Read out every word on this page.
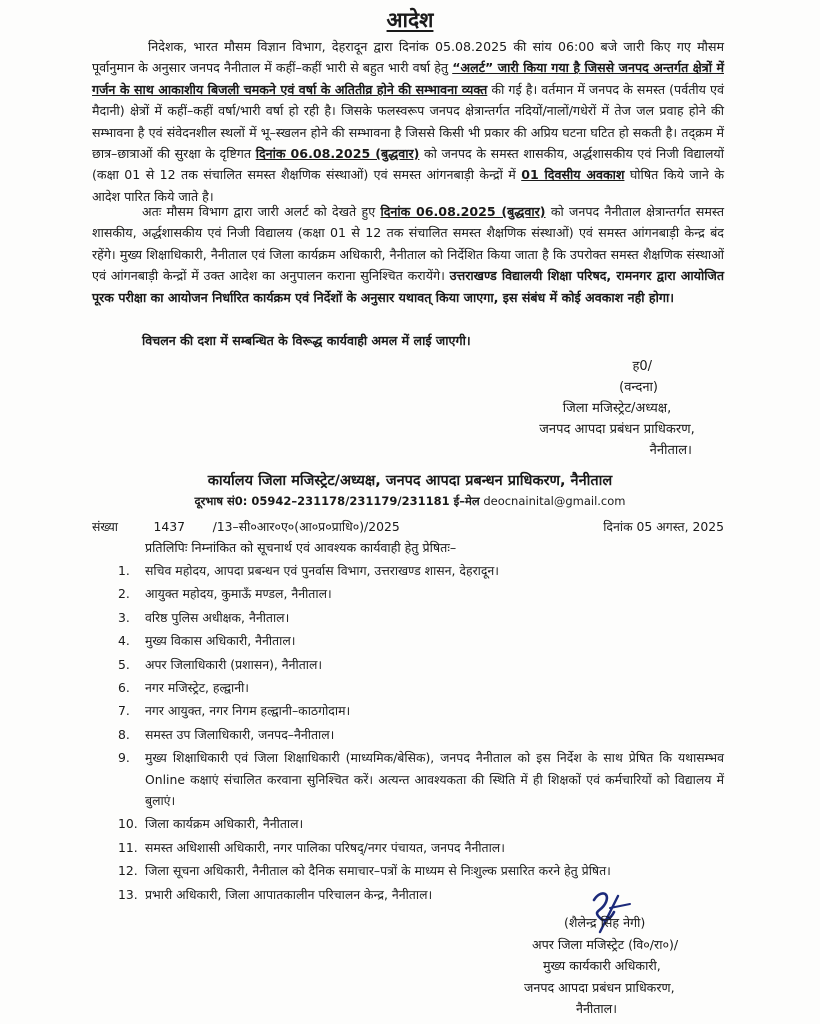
आदेश
निदेशक, भारत मौसम विज्ञान विभाग, देहरादून द्वारा दिनांक 05.08.2025 की सांय 06:00 बजे जारी किए गए मौसम पूर्वानुमान के अनुसार जनपद नैनीताल में कहीं–कहीं भारी से बहुत भारी वर्षा हेतु “अलर्ट” जारी किया गया है जिससे जनपद अन्तर्गत क्षेत्रों में गर्जन के साथ आकाशीय बिजली चमकने एवं वर्षा के अतितीव्र होने की सम्भावना व्यक्त की गई है। वर्तमान में जनपद के समस्त (पर्वतीय एवं मैदानी) क्षेत्रों में कहीं–कहीं वर्षा/भारी वर्षा हो रही है। जिसके फलस्वरूप जनपद क्षेत्रान्तर्गत नदियों/नालों/गधेरों में तेज जल प्रवाह होने की सम्भावना है एवं संवेदनशील स्थलों में भू–स्खलन होने की सम्भावना है जिससे किसी भी प्रकार की अप्रिय घटना घटित हो सकती है। तद्क्रम में छात्र–छात्राओं की सुरक्षा के दृष्टिगत दिनांक 06.08.2025 (बुद्धवार) को जनपद के समस्त शासकीय, अर्द्धशासकीय एवं निजी विद्यालयों (कक्षा 01 से 12 तक संचालित समस्त शैक्षणिक संस्थाओं) एवं समस्त आंगनबाड़ी केन्द्रों में 01 दिवसीय अवकाश घोषित किये जाने के आदेश पारित किये जाते है।
अतः मौसम विभाग द्वारा जारी अलर्ट को देखते हुए दिनांक 06.08.2025 (बुद्धवार) को जनपद नैनीताल क्षेत्रान्तर्गत समस्त शासकीय, अर्द्धशासकीय एवं निजी विद्यालय (कक्षा 01 से 12 तक संचालित समस्त शैक्षणिक संस्थाओं) एवं समस्त आंगनबाड़ी केन्द्र बंद रहेंगे। मुख्य शिक्षाधिकारी, नैनीताल एवं जिला कार्यक्रम अधिकारी, नैनीताल को निर्देशित किया जाता है कि उपरोक्त समस्त शैक्षणिक संस्थाओं एवं आंगनबाड़ी केन्द्रों में उक्त आदेश का अनुपालन कराना सुनिश्चित करायेंगे। उत्तराखण्ड विद्यालयी शिक्षा परिषद, रामनगर द्वारा आयोजित पूरक परीक्षा का आयोजन निर्धारित कार्यक्रम एवं निर्देशों के अनुसार यथावत् किया जाएगा, इस संबंध में कोई अवकाश नही होगा।
विचलन की दशा में सम्बन्धित के विरूद्ध कार्यवाही अमल में लाई जाएगी।
ह0/
(वन्दना)
जिला मजिस्ट्रेट/अध्यक्ष,
जनपद आपदा प्रबंधन प्राधिकरण,
नैनीताल।
कार्यालय जिला मजिस्ट्रेट/अध्यक्ष, जनपद आपदा प्रबन्धन प्राधिकरण, नैनीताल
दूरभाष सं0: 05942–231178/231179/231181 ई–मेल deocnainital@gmail.com
संख्या	1437 /13–सी०आर०ए०(आ०प्र०प्राधि०)/2025	दिनांक 05 अगस्त, 2025
प्रतिलिपिः निम्नांकित को सूचनार्थ एवं आवश्यक कार्यवाही हेतु प्रेषितः–
1.	सचिव महोदय, आपदा प्रबन्धन एवं पुनर्वास विभाग, उत्तराखण्ड शासन, देहरादून।
2.	आयुक्त महोदय, कुमाऊँ मण्डल, नैनीताल।
3.	वरिष्ठ पुलिस अधीक्षक, नैनीताल।
4.	मुख्य विकास अधिकारी, नैनीताल।
5.	अपर जिलाधिकारी (प्रशासन), नैनीताल।
6.	नगर मजिस्ट्रेट, हल्द्वानी।
7.	नगर आयुक्त, नगर निगम हल्द्वानी–काठगोदाम।
8.	समस्त उप जिलाधिकारी, जनपद–नैनीताल।
9.	मुख्य शिक्षाधिकारी एवं जिला शिक्षाधिकारी (माध्यमिक/बेसिक), जनपद नैनीताल को इस निर्देश के साथ प्रेषित कि यथासम्भव Online कक्षाएं संचालित करवाना सुनिश्चित करें। अत्यन्त आवश्यकता की स्थिति में ही शिक्षकों एवं कर्मचारियों को विद्यालय में बुलाएं।
10. जिला कार्यक्रम अधिकारी, नैनीताल।
11. समस्त अधिशासी अधिकारी, नगर पालिका परिषद्/नगर पंचायत, जनपद नैनीताल।
12. जिला सूचना अधिकारी, नैनीताल को दैनिक समाचार–पत्रों के माध्यम से निःशुल्क प्रसारित करने हेतु प्रेषित।
13. प्रभारी अधिकारी, जिला आपातकालीन परिचालन केन्द्र, नैनीताल।
(शैलेन्द्र सिंह नेगी)
अपर जिला मजिस्ट्रेट (वि०/रा०)/
मुख्य कार्यकारी अधिकारी,
जनपद आपदा प्रबंधन प्राधिकरण,
नैनीताल।
